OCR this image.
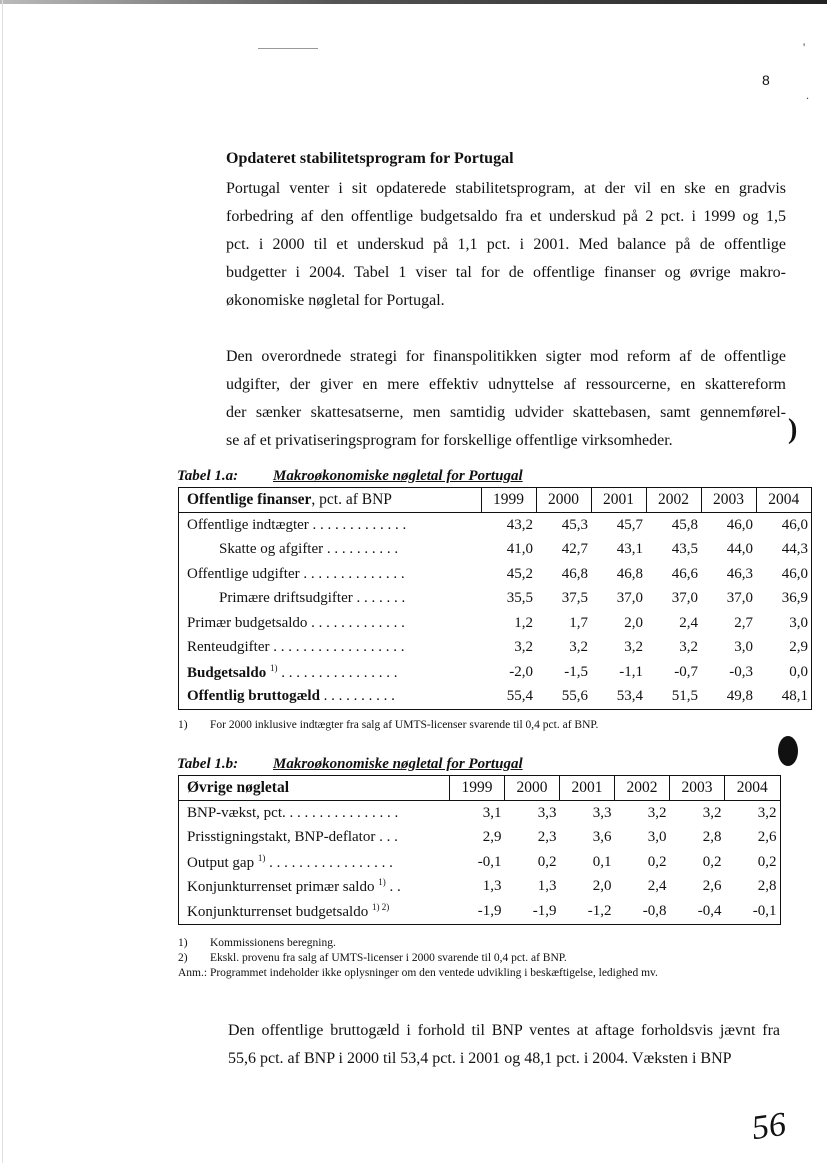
'
.
8
)
Opdateret stabilitetsprogram for Portugal
Portugal venter i sit opdaterede stabilitetsprogram, at der vil en ske en gradvis
forbedring af den offentlige budgetsaldo fra et underskud på 2 pct. i 1999 og 1,5
pct. i 2000 til et underskud på 1,1 pct. i 2001. Med balance på de offentlige
budgetter i 2004. Tabel 1 viser tal for de offentlige finanser og øvrige makro-
økonomiske nøgletal for Portugal.
Den overordnede strategi for finanspolitikken sigter mod reform af de offentlige
udgifter, der giver en mere effektiv udnyttelse af ressourcerne, en skattereform
der sænker skattesatserne, men samtidig udvider skattebasen, samt gennemførel-
se af et privatiseringsprogram for forskellige offentlige virksomheder.
Tabel 1.a: Makroøkonomiske nøgletal for Portugal
Offentlige finanser, pct. af BNP	1999	2000	2001	2002	2003	2004
Offentlige indtægter . . . . . . . . . . . . .	43,2	45,3	45,7	45,8	46,0	46,0
Skatte og afgifter . . . . . . . . . .	41,0	42,7	43,1	43,5	44,0	44,3
Offentlige udgifter . . . . . . . . . . . . . .	45,2	46,8	46,8	46,6	46,3	46,0
Primære driftsudgifter . . . . . . .	35,5	37,5	37,0	37,0	37,0	36,9
Primær budgetsaldo . . . . . . . . . . . . .	1,2	1,7	2,0	2,4	2,7	3,0
Renteudgifter . . . . . . . . . . . . . . . . . .	3,2	3,2	3,2	3,2	3,0	2,9
Budgetsaldo $^{1)}$ . . . . . . . . . . . . . . . .	-2,0	-1,5	-1,1	-0,7	-0,3	0,0
Offentlig bruttogæld . . . . . . . . . .	55,4	55,6	53,4	51,5	49,8	48,1
1) For 2000 inklusive indtægter fra salg af UMTS-licenser svarende til 0,4 pct. af BNP.
Tabel 1.b: Makroøkonomiske nøgletal for Portugal
Øvrige nøgletal	1999	2000	2001	2002	2003	2004
BNP-vækst, pct. . . . . . . . . . . . . . . .	3,1	3,3	3,3	3,2	3,2	3,2
Prisstigningstakt, BNP-deflator . . .	2,9	2,3	3,6	3,0	2,8	2,6
Output gap $^{1)}$ . . . . . . . . . . . . . . . . .	-0,1	0,2	0,1	0,2	0,2	0,2
Konjunkturrenset primær saldo $^{1)}$ . .	1,3	1,3	2,0	2,4	2,6	2,8
Konjunkturrenset budgetsaldo $^{1) 2)}$	-1,9	-1,9	-1,2	-0,8	-0,4	-0,1
1) Kommissionens beregning.
2) Ekskl. provenu fra salg af UMTS-licenser i 2000 svarende til 0,4 pct. af BNP.
Anm.: Programmet indeholder ikke oplysninger om den ventede udvikling i beskæftigelse, ledighed mv.
Den offentlige bruttogæld i forhold til BNP ventes at aftage forholdsvis jævnt fra
55,6 pct. af BNP i 2000 til 53,4 pct. i 2001 og 48,1 pct. i 2004. Væksten i BNP
56
